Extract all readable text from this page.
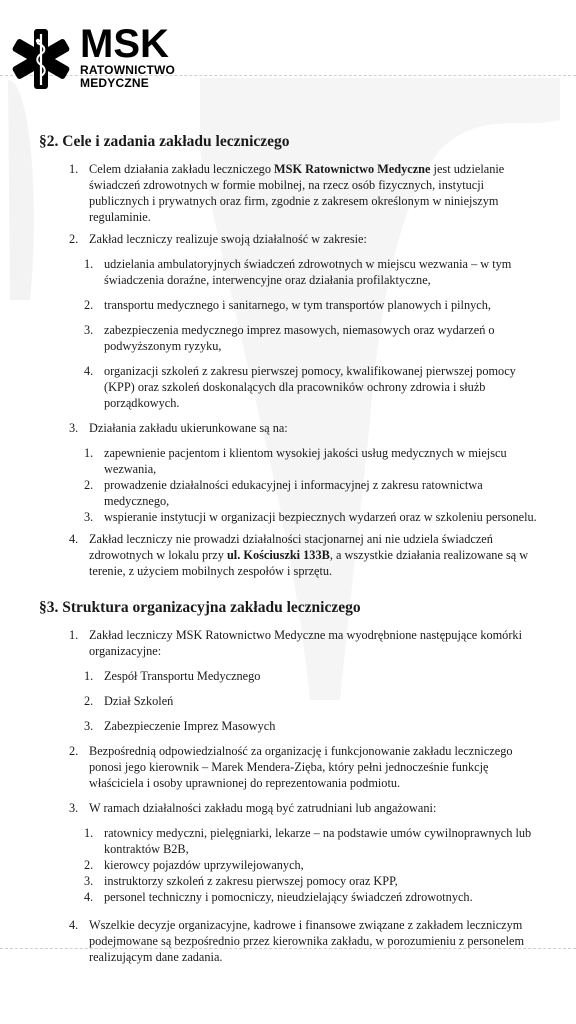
MSK
RATOWNICTWO
MEDYCZNE
§2. Cele i zadania zakładu leczniczego
1. Celem działania zakładu leczniczego MSK Ratownictwo Medyczne jest udzielanie świadczeń zdrowotnych w formie mobilnej, na rzecz osób fizycznych, instytucji publicznych i prywatnych oraz firm, zgodnie z zakresem określonym w niniejszym regulaminie.
2. Zakład leczniczy realizuje swoją działalność w zakresie:
1. udzielania ambulatoryjnych świadczeń zdrowotnych w miejscu wezwania – w tym świadczenia doraźne, interwencyjne oraz działania profilaktyczne,
2. transportu medycznego i sanitarnego, w tym transportów planowych i pilnych,
3. zabezpieczenia medycznego imprez masowych, niemasowych oraz wydarzeń o podwyższonym ryzyku,
4. organizacji szkoleń z zakresu pierwszej pomocy, kwalifikowanej pierwszej pomocy (KPP) oraz szkoleń doskonalących dla pracowników ochrony zdrowia i służb porządkowych.
3. Działania zakładu ukierunkowane są na:
1. zapewnienie pacjentom i klientom wysokiej jakości usług medycznych w miejscu wezwania,
2. prowadzenie działalności edukacyjnej i informacyjnej z zakresu ratownictwa medycznego,
3. wspieranie instytucji w organizacji bezpiecznych wydarzeń oraz w szkoleniu personelu.
4. Zakład leczniczy nie prowadzi działalności stacjonarnej ani nie udziela świadczeń zdrowotnych w lokalu przy ul. Kościuszki 133B, a wszystkie działania realizowane są w terenie, z użyciem mobilnych zespołów i sprzętu.
§3. Struktura organizacyjna zakładu leczniczego
1. Zakład leczniczy MSK Ratownictwo Medyczne ma wyodrębnione następujące komórki organizacyjne:
1. Zespół Transportu Medycznego
2. Dział Szkoleń
3. Zabezpieczenie Imprez Masowych
2. Bezpośrednią odpowiedzialność za organizację i funkcjonowanie zakładu leczniczego ponosi jego kierownik – Marek Mendera-Zięba, który pełni jednocześnie funkcję właściciela i osoby uprawnionej do reprezentowania podmiotu.
3. W ramach działalności zakładu mogą być zatrudniani lub angażowani:
1. ratownicy medyczni, pielęgniarki, lekarze – na podstawie umów cywilnoprawnych lub kontraktów B2B,
2. kierowcy pojazdów uprzywilejowanych,
3. instruktorzy szkoleń z zakresu pierwszej pomocy oraz KPP,
4. personel techniczny i pomocniczy, nieudzielający świadczeń zdrowotnych.
4. Wszelkie decyzje organizacyjne, kadrowe i finansowe związane z zakładem leczniczym podejmowane są bezpośrednio przez kierownika zakładu, w porozumieniu z personelem realizującym dane zadania.
